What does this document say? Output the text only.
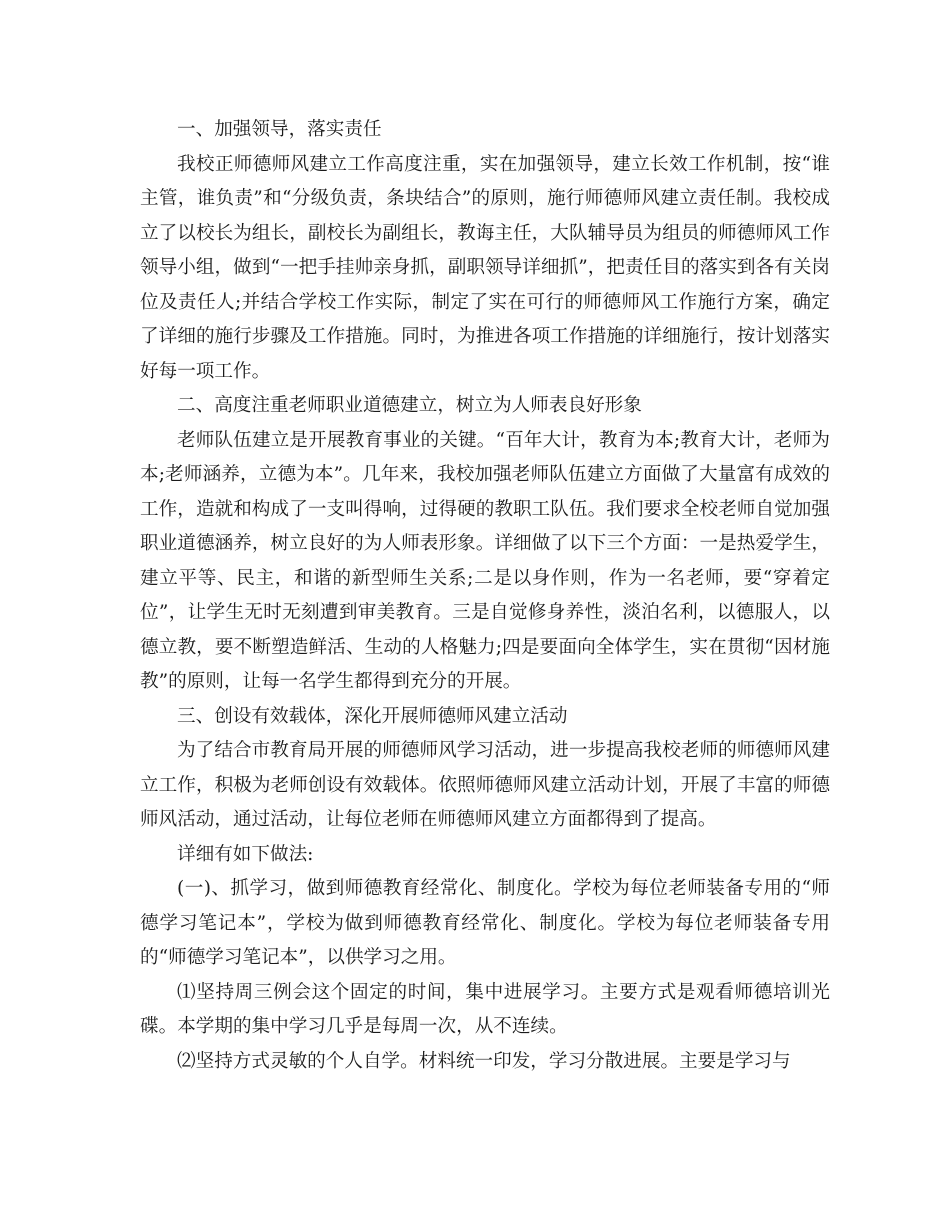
一、加强领导，落实责任

我校正师德师风建立工作高度注重，实在加强领导，建立长效工作机制，按“谁主管，谁负责”和“分级负责，条块结合”的原则，施行师德师风建立责任制。我校成立了以校长为组长，副校长为副组长，教诲主任，大队辅导员为组员的师德师风工作领导小组，做到“一把手挂帅亲身抓，副职领导详细抓”，把责任目的落实到各有关岗位及责任人;并结合学校工作实际，制定了实在可行的师德师风工作施行方案，确定了详细的施行步骤及工作措施。同时，为推进各项工作措施的详细施行，按计划落实好每一项工作。

二、高度注重老师职业道德建立，树立为人师表良好形象

老师队伍建立是开展教育事业的关键。“百年大计，教育为本;教育大计，老师为本;老师涵养，立德为本”。几年来，我校加强老师队伍建立方面做了大量富有成效的工作，造就和构成了一支叫得响，过得硬的教职工队伍。我们要求全校老师自觉加强职业道德涵养，树立良好的为人师表形象。详细做了以下三个方面：一是热爱学生，建立平等、民主，和谐的新型师生关系;二是以身作则，作为一名老师，要“穿着定位”，让学生无时无刻遭到审美教育。三是自觉修身养性，淡泊名利，以德服人，以德立教，要不断塑造鲜活、生动的人格魅力;四是要面向全体学生，实在贯彻“因材施教”的原则，让每一名学生都得到充分的开展。

三、创设有效载体，深化开展师德师风建立活动

为了结合市教育局开展的师德师风学习活动，进一步提高我校老师的师德师风建立工作，积极为老师创设有效载体。依照师德师风建立活动计划，开展了丰富的师德师风活动，通过活动，让每位老师在师德师风建立方面都得到了提高。

详细有如下做法:

(一)、抓学习，做到师德教育经常化、制度化。学校为每位老师装备专用的“师德学习笔记本”，学校为做到师德教育经常化、制度化。学校为每位老师装备专用的“师德学习笔记本”，以供学习之用。

⑴坚持周三例会这个固定的时间，集中进展学习。主要方式是观看师德培训光碟。本学期的集中学习几乎是每周一次，从不连续。

⑵坚持方式灵敏的个人自学。材料统一印发，学习分散进展。主要是学习与
